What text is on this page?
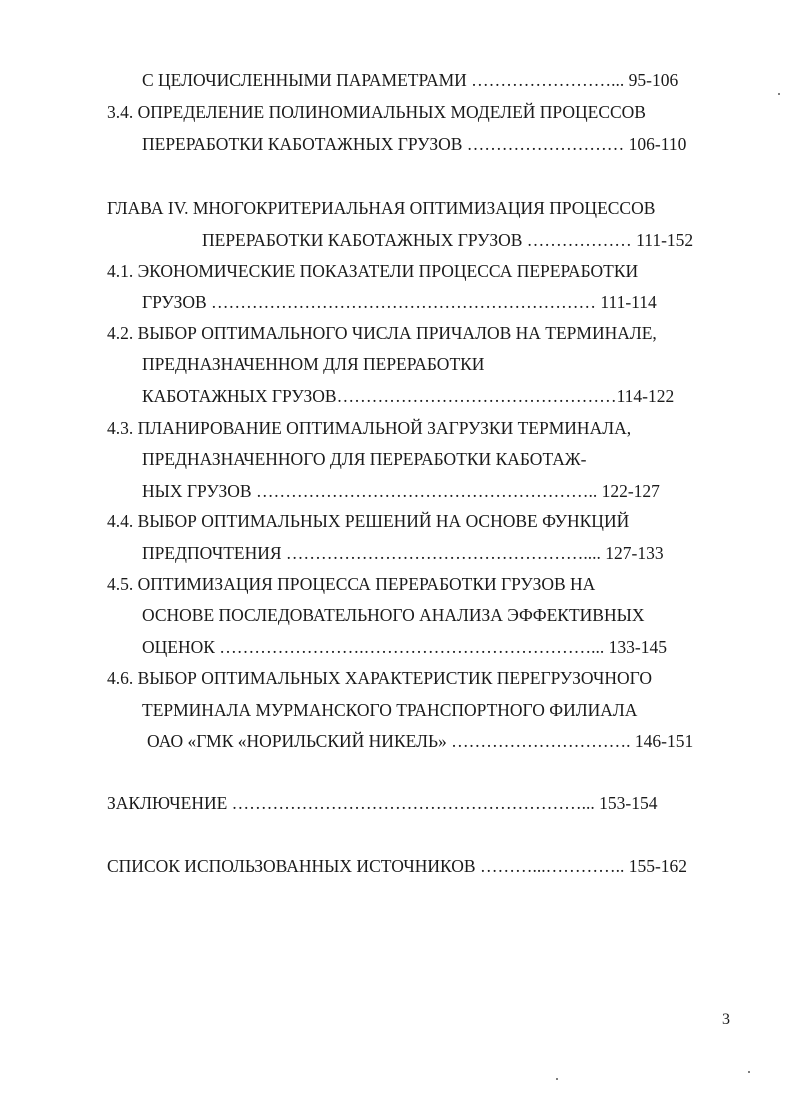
С ЦЕЛОЧИСЛЕННЫМИ ПАРАМЕТРАМИ ……………………... 95-106
3.4. ОПРЕДЕЛЕНИЕ ПОЛИНОМИАЛЬНЫХ МОДЕЛЕЙ ПРОЦЕССОВ
ПЕРЕРАБОТКИ КАБОТАЖНЫХ ГРУЗОВ ……………………… 106-110
ГЛАВА IV. МНОГОКРИТЕРИАЛЬНАЯ ОПТИМИЗАЦИЯ ПРОЦЕССОВ
ПЕРЕРАБОТКИ КАБОТАЖНЫХ ГРУЗОВ ……………… 111-152
4.1. ЭКОНОМИЧЕСКИЕ ПОКАЗАТЕЛИ ПРОЦЕССА ПЕРЕРАБОТКИ
ГРУЗОВ ………………………………………………………… 111-114
4.2. ВЫБОР ОПТИМАЛЬНОГО ЧИСЛА ПРИЧАЛОВ НА ТЕРМИНАЛЕ,
ПРЕДНАЗНАЧЕННОМ ДЛЯ ПЕРЕРАБОТКИ
КАБОТАЖНЫХ ГРУЗОВ…………………………………………114-122
4.3. ПЛАНИРОВАНИЕ ОПТИМАЛЬНОЙ ЗАГРУЗКИ ТЕРМИНАЛА,
ПРЕДНАЗНАЧЕННОГО ДЛЯ ПЕРЕРАБОТКИ КАБОТАЖ-
НЫХ ГРУЗОВ ………………………………………………….. 122-127
4.4. ВЫБОР ОПТИМАЛЬНЫХ РЕШЕНИЙ НА ОСНОВЕ ФУНКЦИЙ
ПРЕДПОЧТЕНИЯ …………………………………………….... 127-133
4.5. ОПТИМИЗАЦИЯ ПРОЦЕССА ПЕРЕРАБОТКИ ГРУЗОВ НА
ОСНОВЕ ПОСЛЕДОВАТЕЛЬНОГО АНАЛИЗА ЭФФЕКТИВНЫХ
ОЦЕНОК …………………….…………………………………... 133-145
4.6. ВЫБОР ОПТИМАЛЬНЫХ ХАРАКТЕРИСТИК ПЕРЕГРУЗОЧНОГО
ТЕРМИНАЛА МУРМАНСКОГО ТРАНСПОРТНОГО ФИЛИАЛА
ОАО «ГМК «НОРИЛЬСКИЙ НИКЕЛЬ» …………………………. 146-151
ЗАКЛЮЧЕНИЕ ……………………………………………………... 153-154
СПИСОК ИСПОЛЬЗОВАННЫХ ИСТОЧНИКОВ ………...………….. 155-162
3
